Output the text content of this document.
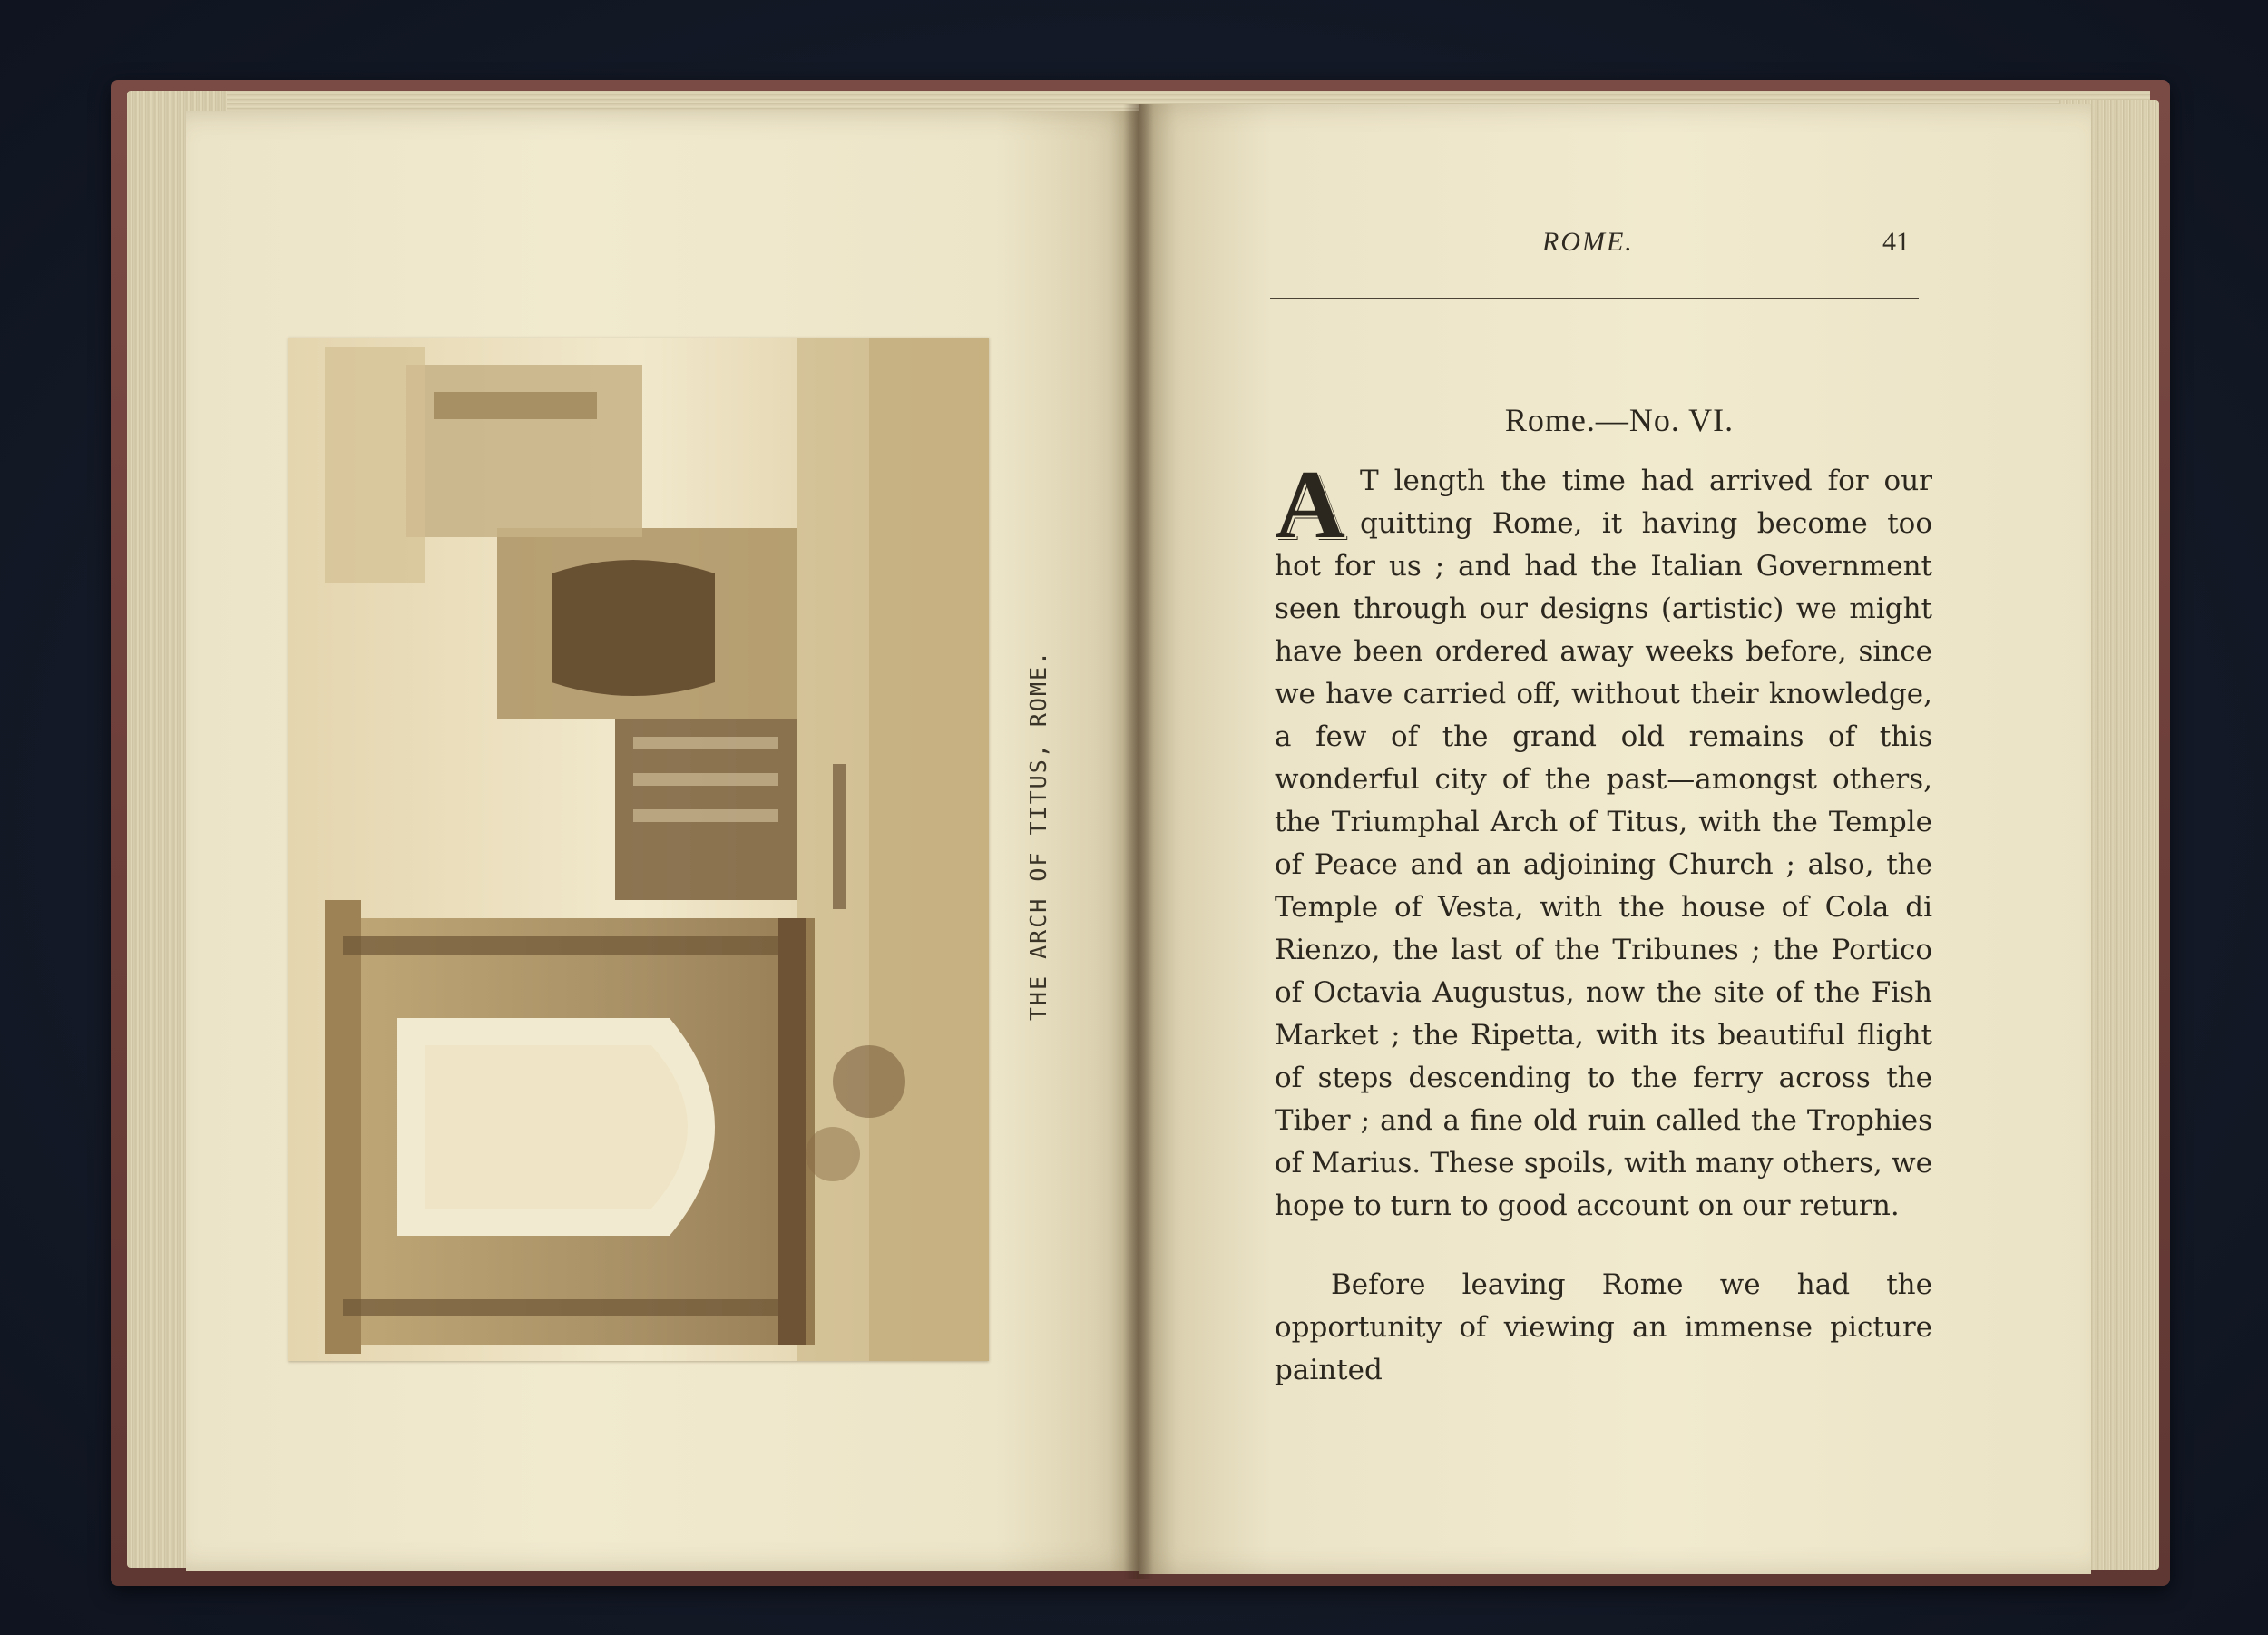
THE ARCH OF TITUS, ROME.
ROME.	41
Rome.—No. VI.

A T length the time had arrived for our quitting Rome, it having become too hot for us ; and had the Italian Government seen through our designs (artistic) we might have been ordered away weeks before, since we have carried off, without their knowledge, a few of the grand old remains of this wonderful city of the past—amongst others, the Triumphal Arch of Titus, with the Temple of Peace and an adjoining Church ; also, the Temple of Vesta, with the house of Cola di Rienzo, the last of the Tribunes ; the Portico of Octavia Augustus, now the site of the Fish Market ; the Ripetta, with its beautiful flight of steps descending to the ferry across the Tiber ; and a fine old ruin called the Trophies of Marius. These spoils, with many others, we hope to turn to good account on our return.

Before leaving Rome we had the opportunity of viewing an immense picture painted
